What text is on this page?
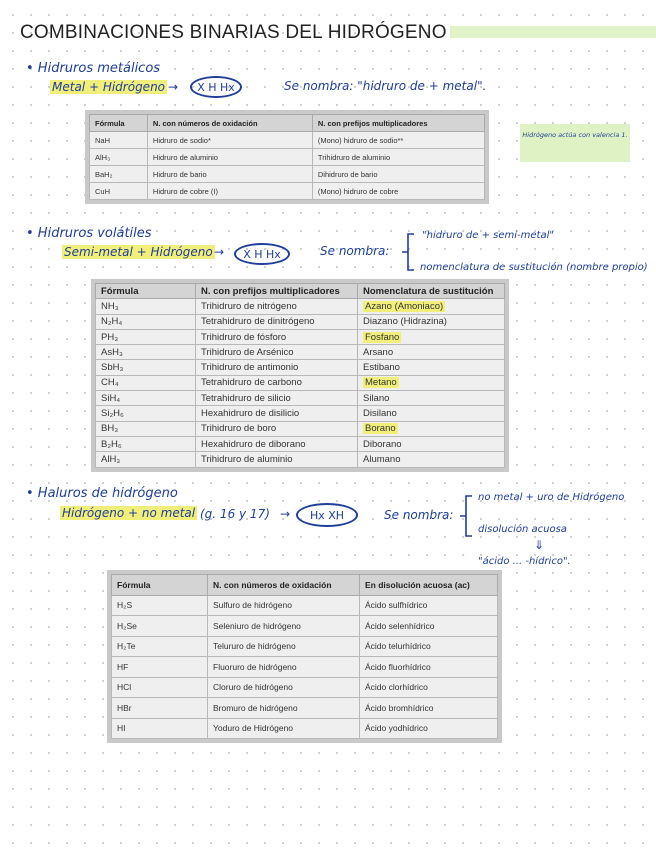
COMBINACIONES BINARIAS DEL HIDRÓGENO
• Hidruros metálicos
Metal + Hidrógeno → X H Hx	Se nombra: "hidruro de + metal".
Hidrógeno actúa con valencia 1.
Fórmula	N. con números de oxidación	N. con prefijos multiplicadores
NaH	Hidruro de sodio*	(Mono) hidruro de sodio**
AlH₃	Hidruro de aluminio	Trihidruro de aluminio
BaH₂	Hidruro de bario	Dihidruro de bario
CuH	Hidruro de cobre (I)	(Mono) hidruro de cobre
• Hidruros volátiles
Semi-metal + Hidrógeno → X H Hx	Se nombra:
"hidruro de + semi-metal"
nomenclatura de sustitución (nombre propio)
Fórmula	N. con prefijos multiplicadores	Nomenclatura de sustitución
NH₃	Trihidruro de nitrógeno	Azano (Amoniaco)
N₂H₄	Tetrahidruro de dinitrógeno	Diazano (Hidrazina)
PH₃	Trihidruro de fósforo	Fosfano
AsH₃	Trihidruro de Arsénico	Arsano
SbH₃	Trihidruro de antimonio	Estibano
CH₄	Tetrahidruro de carbono	Metano
SiH₄	Tetrahidruro de silicio	Silano
Si₂H₆	Hexahidruro de disilicio	Disilano
BH₃	Trihidruro de boro	Borano
B₂H₆	Hexahidruro de diborano	Diborano
AlH₃	Trihidruro de aluminio	Alumano
• Haluros de hidrógeno
Hidrógeno + no metal (g. 16 y 17) → Hx XH	Se nombra:
no metal + uro de Hidrógeno
disolución acuosa
⇓
"ácido ... -hídrico".
Fórmula	N. con números de oxidación	En disolución acuosa (ac)
H₂S	Sulfuro de hidrógeno	Ácido sulfhídrico
H₂Se	Seleniuro de hidrógeno	Ácido selenhídrico
H₂Te	Telururo de hidrógeno	Ácido telurhídrico
HF	Fluoruro de hidrógeno	Ácido fluorhídrico
HCl	Cloruro de hidrógeno	Ácido clorhídrico
HBr	Bromuro de hidrógeno	Ácido bromhídrico
HI	Yoduro de Hidrógeno	Ácido yodhídrico
